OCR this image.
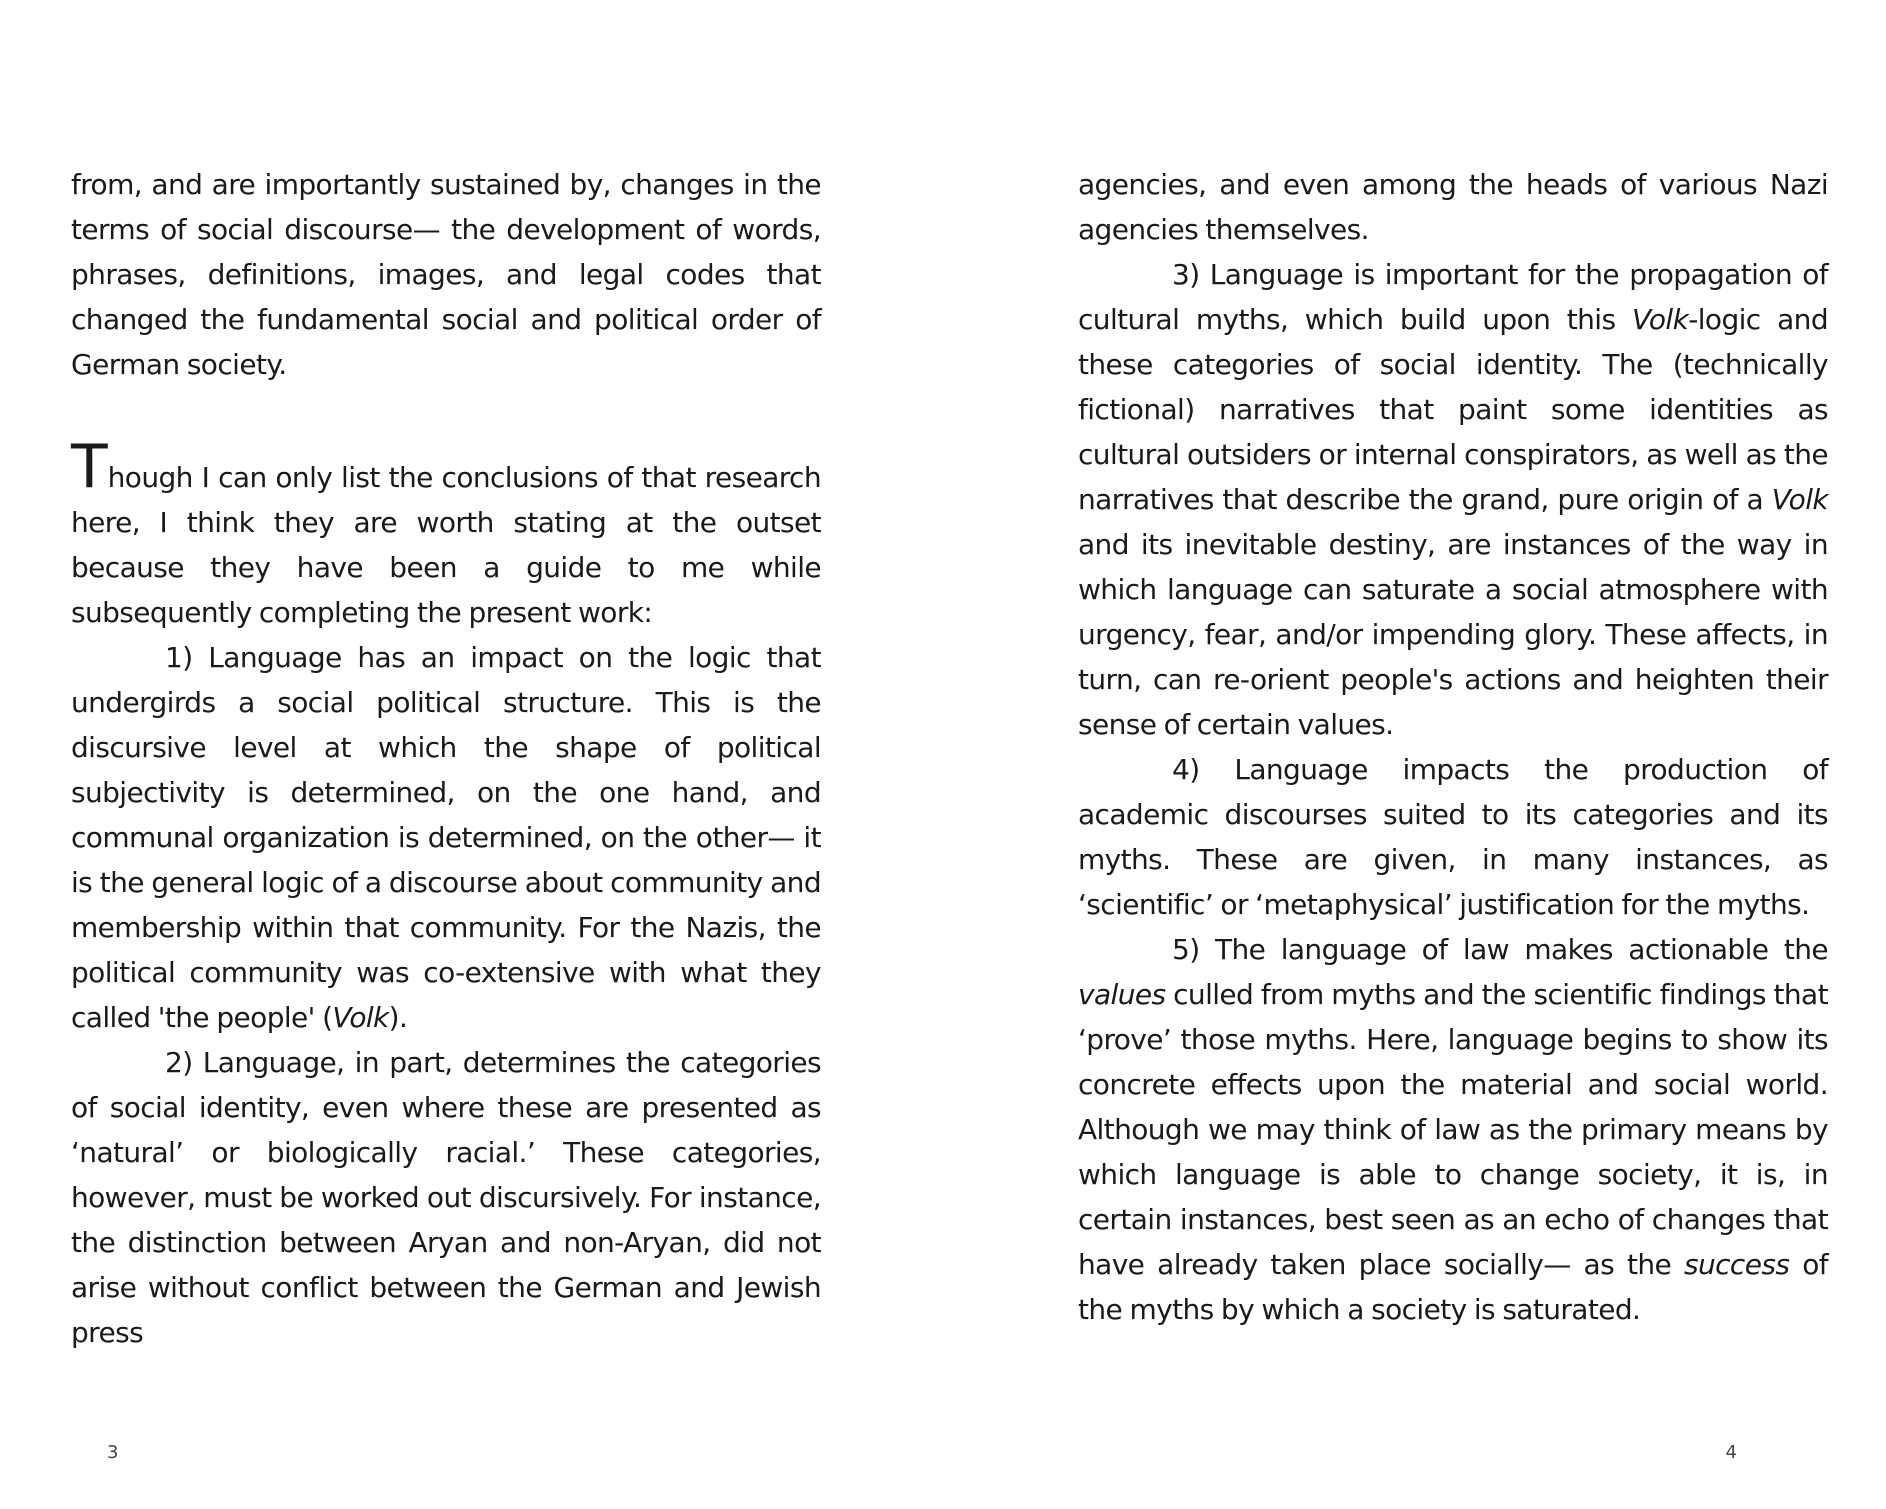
from, and are importantly sustained by, changes in the terms of social discourse— the development of words, phrases, definitions, images, and legal codes that changed the fundamental social and political order of German society.

Though I can only list the conclusions of that research here, I think they are worth stating at the outset because they have been a guide to me while subsequently completing the present work:

1) Language has an impact on the logic that undergirds a social political structure. This is the discursive level at which the shape of political subjectivity is determined, on the one hand, and communal organization is determined, on the other— it is the general logic of a discourse about community and membership within that community. For the Nazis, the political community was co-extensive with what they called 'the people' (Volk).

2) Language, in part, determines the categories of social identity, even where these are presented as ‘natural’ or biologically racial.’ These categories, however, must be worked out discursively. For instance, the distinction between Aryan and non-Aryan, did not arise without conflict between the German and Jewish press

3

agencies, and even among the heads of various Nazi agencies themselves.

3) Language is important for the propagation of cultural myths, which build upon this Volk-logic and these categories of social identity. The (technically fictional) narratives that paint some identities as cultural outsiders or internal conspirators, as well as the narratives that describe the grand, pure origin of a Volk and its inevitable destiny, are instances of the way in which language can saturate a social atmosphere with urgency, fear, and/or impending glory. These affects, in turn, can re-orient people's actions and heighten their sense of certain values.

4) Language impacts the production of academic discourses suited to its categories and its myths. These are given, in many instances, as ‘scientific’ or ‘metaphysical’ justification for the myths.

5) The language of law makes actionable the values culled from myths and the scientific findings that ‘prove’ those myths. Here, language begins to show its concrete effects upon the material and social world. Although we may think of law as the primary means by which language is able to change society, it is, in certain instances, best seen as an echo of changes that have already taken place socially— as the success of the myths by which a society is saturated.

4
